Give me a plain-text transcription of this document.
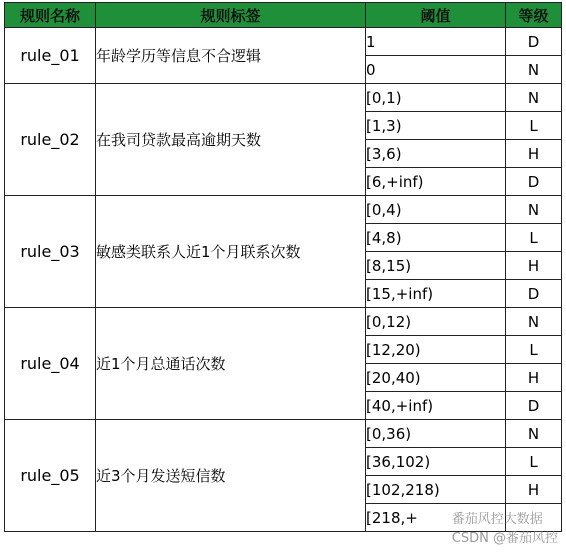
规则名称	规则标签	阈值	等级
rule_01	年龄学历等信息不合逻辑	1	D
		0	N
rule_02	在我司贷款最高逾期天数	[0,1)	N
		[1,3)	L
		[3,6)	H
		[6,+inf)	D
rule_03	敏感类联系人近1个月联系次数	[0,4)	N
		[4,8)	L
		[8,15)	H
		[15,+inf)	D
rule_04	近1个月总通话次数	[0,12)	N
		[12,20)	L
		[20,40)	H
		[40,+inf)	D
rule_05	近3个月发送短信数	[0,36)	N
		[36,102)	L
		[102,218)	H
		[218,+		番茄风控大数据
CSDN @番茄风控
